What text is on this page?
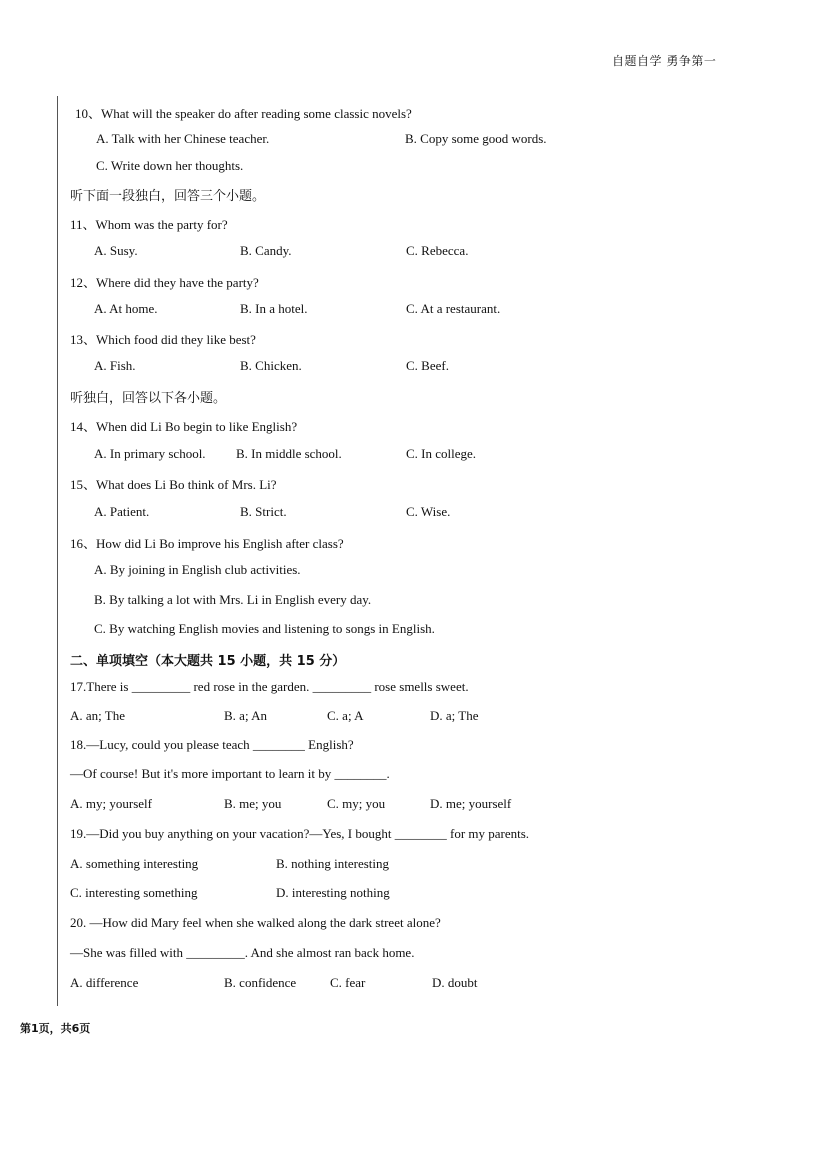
自题自学 勇争第一
10、What will the speaker do after reading some classic novels?
A. Talk with her Chinese teacher.	B. Copy some good words.
C. Write down her thoughts.
听下面一段独白，回答三个小题。
11、Whom was the party for?
A. Susy.	B. Candy.	C. Rebecca.
12、Where did they have the party?
A. At home.	B. In a hotel.	C. At a restaurant.
13、Which food did they like best?
A. Fish.	B. Chicken.	C. Beef.
听独白，回答以下各小题。
14、When did Li Bo begin to like English?
A. In primary school. B. In middle school.	C. In college.
15、What does Li Bo think of Mrs. Li?
A. Patient.	B. Strict.	C. Wise.
16、How did Li Bo improve his English after class?
A. By joining in English club activities.
B. By talking a lot with Mrs. Li in English every day.
C. By watching English movies and listening to songs in English.
二、单项填空（本大题共 15 小题，共 15 分）
17.There is _________ red rose in the garden. _________ rose smells sweet.
A. an; The	B. a; An	C. a; A	D. a; The
18.—Lucy, could you please teach ________ English?
—Of course! But it's more important to learn it by ________.
A. my; yourself	B. me; you	C. my; you	D. me; yourself
19.—Did you buy anything on your vacation?—Yes, I bought ________ for my parents.
A. something interesting	B. nothing interesting
C. interesting something	D. interesting nothing
20. —How did Mary feel when she walked along the dark street alone?
—She was filled with _________. And she almost ran back home.
A. difference	B. confidence	C. fear	D. doubt
第1页，共6页
